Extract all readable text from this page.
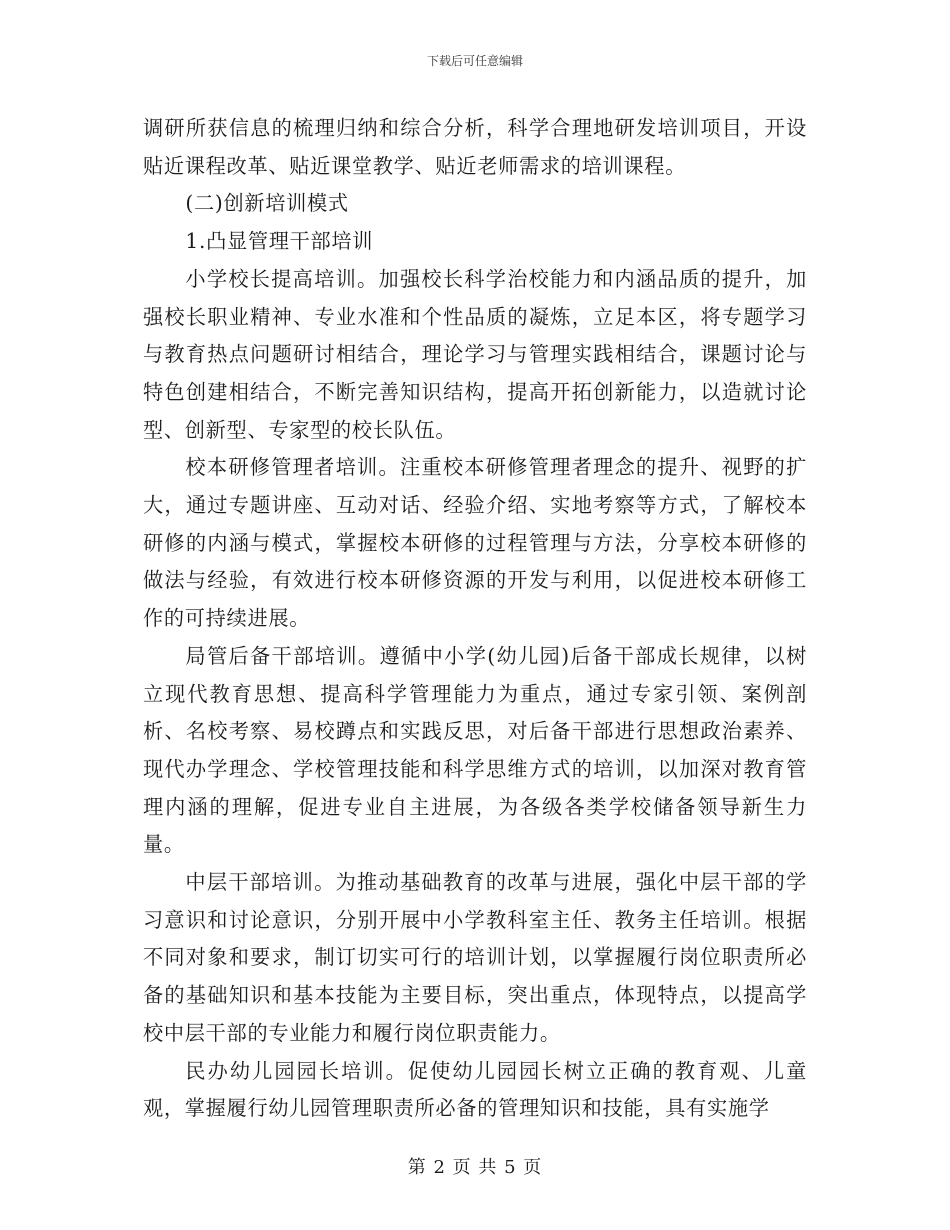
下载后可任意编辑

调研所获信息的梳理归纳和综合分析，科学合理地研发培训项目，开设贴近课程改革、贴近课堂教学、贴近老师需求的培训课程。

(二)创新培训模式

1.凸显管理干部培训

小学校长提高培训。加强校长科学治校能力和内涵品质的提升，加强校长职业精神、专业水准和个性品质的凝炼，立足本区，将专题学习与教育热点问题研讨相结合，理论学习与管理实践相结合，课题讨论与特色创建相结合，不断完善知识结构，提高开拓创新能力，以造就讨论型、创新型、专家型的校长队伍。

校本研修管理者培训。注重校本研修管理者理念的提升、视野的扩大，通过专题讲座、互动对话、经验介绍、实地考察等方式，了解校本研修的内涵与模式，掌握校本研修的过程管理与方法，分享校本研修的做法与经验，有效进行校本研修资源的开发与利用，以促进校本研修工作的可持续进展。

局管后备干部培训。遵循中小学(幼儿园)后备干部成长规律，以树立现代教育思想、提高科学管理能力为重点，通过专家引领、案例剖析、名校考察、易校蹲点和实践反思，对后备干部进行思想政治素养、现代办学理念、学校管理技能和科学思维方式的培训，以加深对教育管理内涵的理解，促进专业自主进展，为各级各类学校储备领导新生力量。

中层干部培训。为推动基础教育的改革与进展，强化中层干部的学习意识和讨论意识，分别开展中小学教科室主任、教务主任培训。根据不同对象和要求，制订切实可行的培训计划，以掌握履行岗位职责所必备的基础知识和基本技能为主要目标，突出重点，体现特点，以提高学校中层干部的专业能力和履行岗位职责能力。

民办幼儿园园长培训。促使幼儿园园长树立正确的教育观、儿童观，掌握履行幼儿园管理职责所必备的管理知识和技能，具有实施学

第 2 页 共 5 页
